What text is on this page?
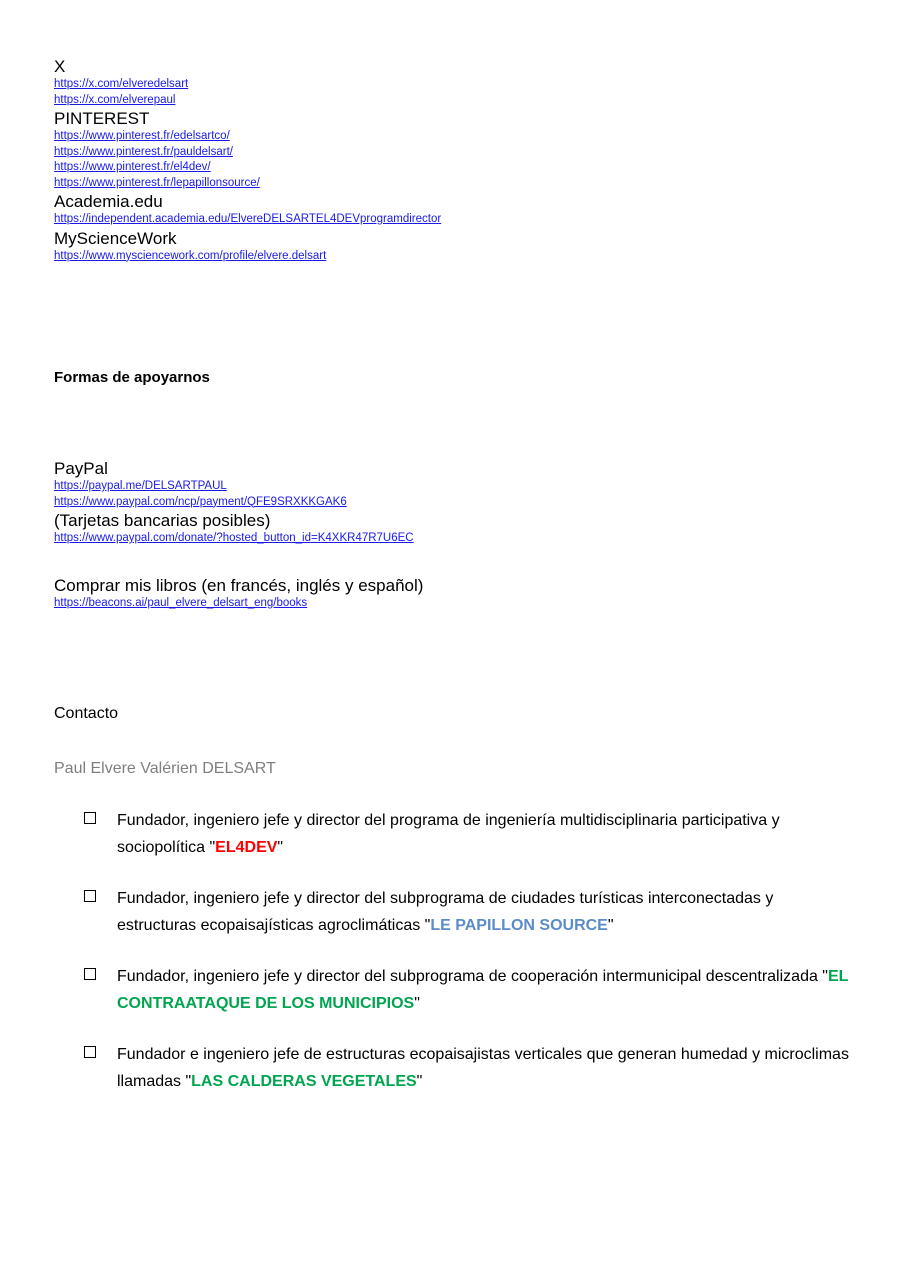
X
https://x.com/elveredelsart
https://x.com/elverepaul
PINTEREST
https://www.pinterest.fr/edelsartco/
https://www.pinterest.fr/pauldelsart/
https://www.pinterest.fr/el4dev/
https://www.pinterest.fr/lepapillonsource/
Academia.edu
https://independent.academia.edu/ElvereDELSARTEL4DEVprogramdirector
MyScienceWork
https://www.mysciencework.com/profile/elvere.delsart
Formas de apoyarnos
PayPal
https://paypal.me/DELSARTPAUL
https://www.paypal.com/ncp/payment/QFE9SRXKKGAK6
(Tarjetas bancarias posibles)
https://www.paypal.com/donate/?hosted_button_id=K4XKR47R7U6EC
Comprar mis libros (en francés, inglés y español)
https://beacons.ai/paul_elvere_delsart_eng/books
Contacto
Paul Elvere Valérien DELSART
Fundador, ingeniero jefe y director del programa de ingeniería multidisciplinaria participativa y sociopolítica "EL4DEV"
Fundador, ingeniero jefe y director del subprograma de ciudades turísticas interconectadas y estructuras ecopaisajísticas agroclimáticas "LE PAPILLON SOURCE"
Fundador, ingeniero jefe y director del subprograma de cooperación intermunicipal descentralizada "EL CONTRAATAQUE DE LOS MUNICIPIOS"
Fundador e ingeniero jefe de estructuras ecopaisajistas verticales que generan humedad y microclimas llamadas "LAS CALDERAS VEGETALES"
